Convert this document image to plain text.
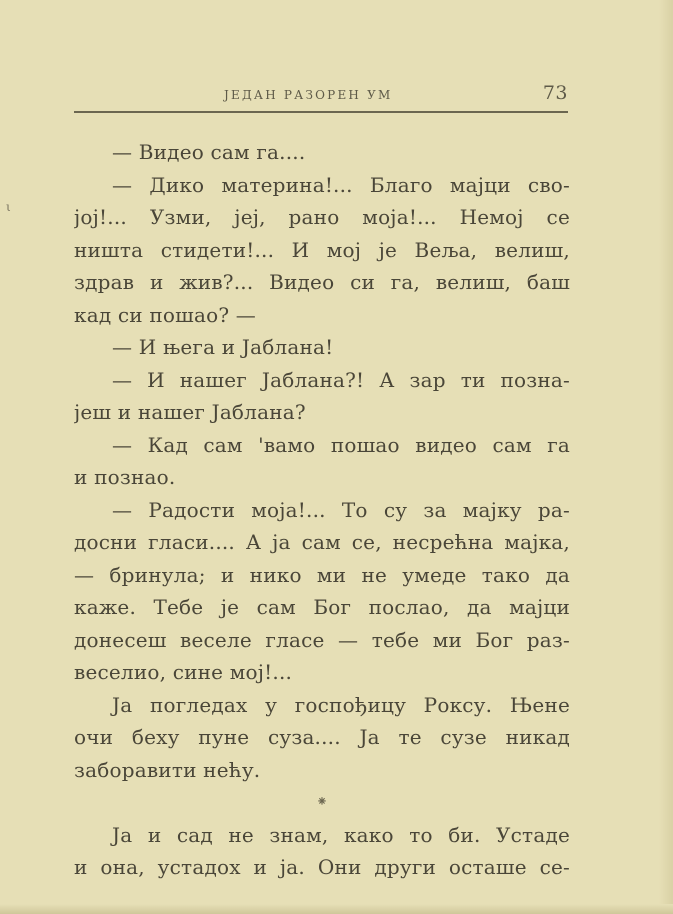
ι
ЈЕДАН РАЗОРЕН УМ	73
— Видео сам га....
— Дико материна!... Благо мајци сво-
јој!... Узми, јеј, рано моја!... Немој се
ништа стидети!... И мој је Веља, велиш,
здрав и жив?... Видео си га, велиш, баш
кад си пошао? —
— И њега и Јаблана!
— И нашег Јаблана?! А зар ти позна-
јеш и нашег Јаблана?
— Кад сам 'вамо пошао видео сам га
и познао.
— Радости моја!... То су за мајку ра-
досни гласи.... А ја сам се, несрећна мајка,
— бринула; и нико ми не умеде тако да
каже. Тебе је сам Бог послао, да мајци
донесеш веселе гласе — тебе ми Бог раз-
веселио, сине мој!...
Ја погледах у госпођицу Роксу. Њене
очи беху пуне суза.... Ја те сузе никад
заборавити нећу.
⁕
Ја и сад не знам, како то би. Устаде
и она, устадох и ја. Они други осташе се-
